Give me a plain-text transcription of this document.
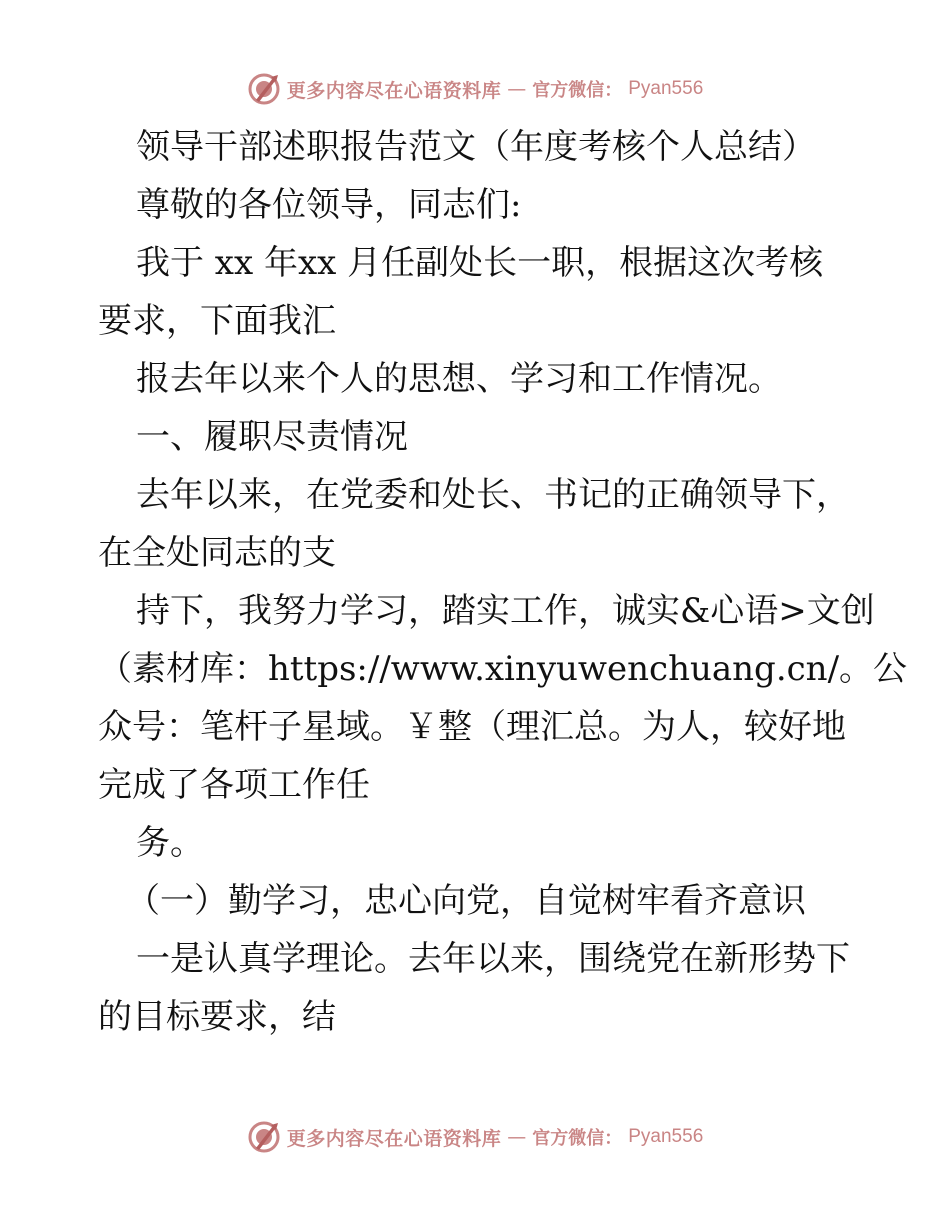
更多内容尽在心语资料库 — 官方微信： Pyan556

领导干部述职报告范文（年度考核个人总结）

尊敬的各位领导，同志们:

我于 xx 年xx 月任副处长一职，根据这次考核

要求，下面我汇

报去年以来个人的思想、学习和工作情况。

一、履职尽责情况

去年以来，在党委和处长、书记的正确领导下，

在全处同志的支

持下，我努力学习，踏实工作，诚实&心语>文创

（素材库：https://www.xinyuwenchuang.cn/。公

众号：笔杆子星域。￥整（理汇总。为人，较好地

完成了各项工作任

务。

（一）勤学习，忠心向党，自觉树牢看齐意识

一是认真学理论。去年以来，围绕党在新形势下

的目标要求，结

更多内容尽在心语资料库 — 官方微信： Pyan556
